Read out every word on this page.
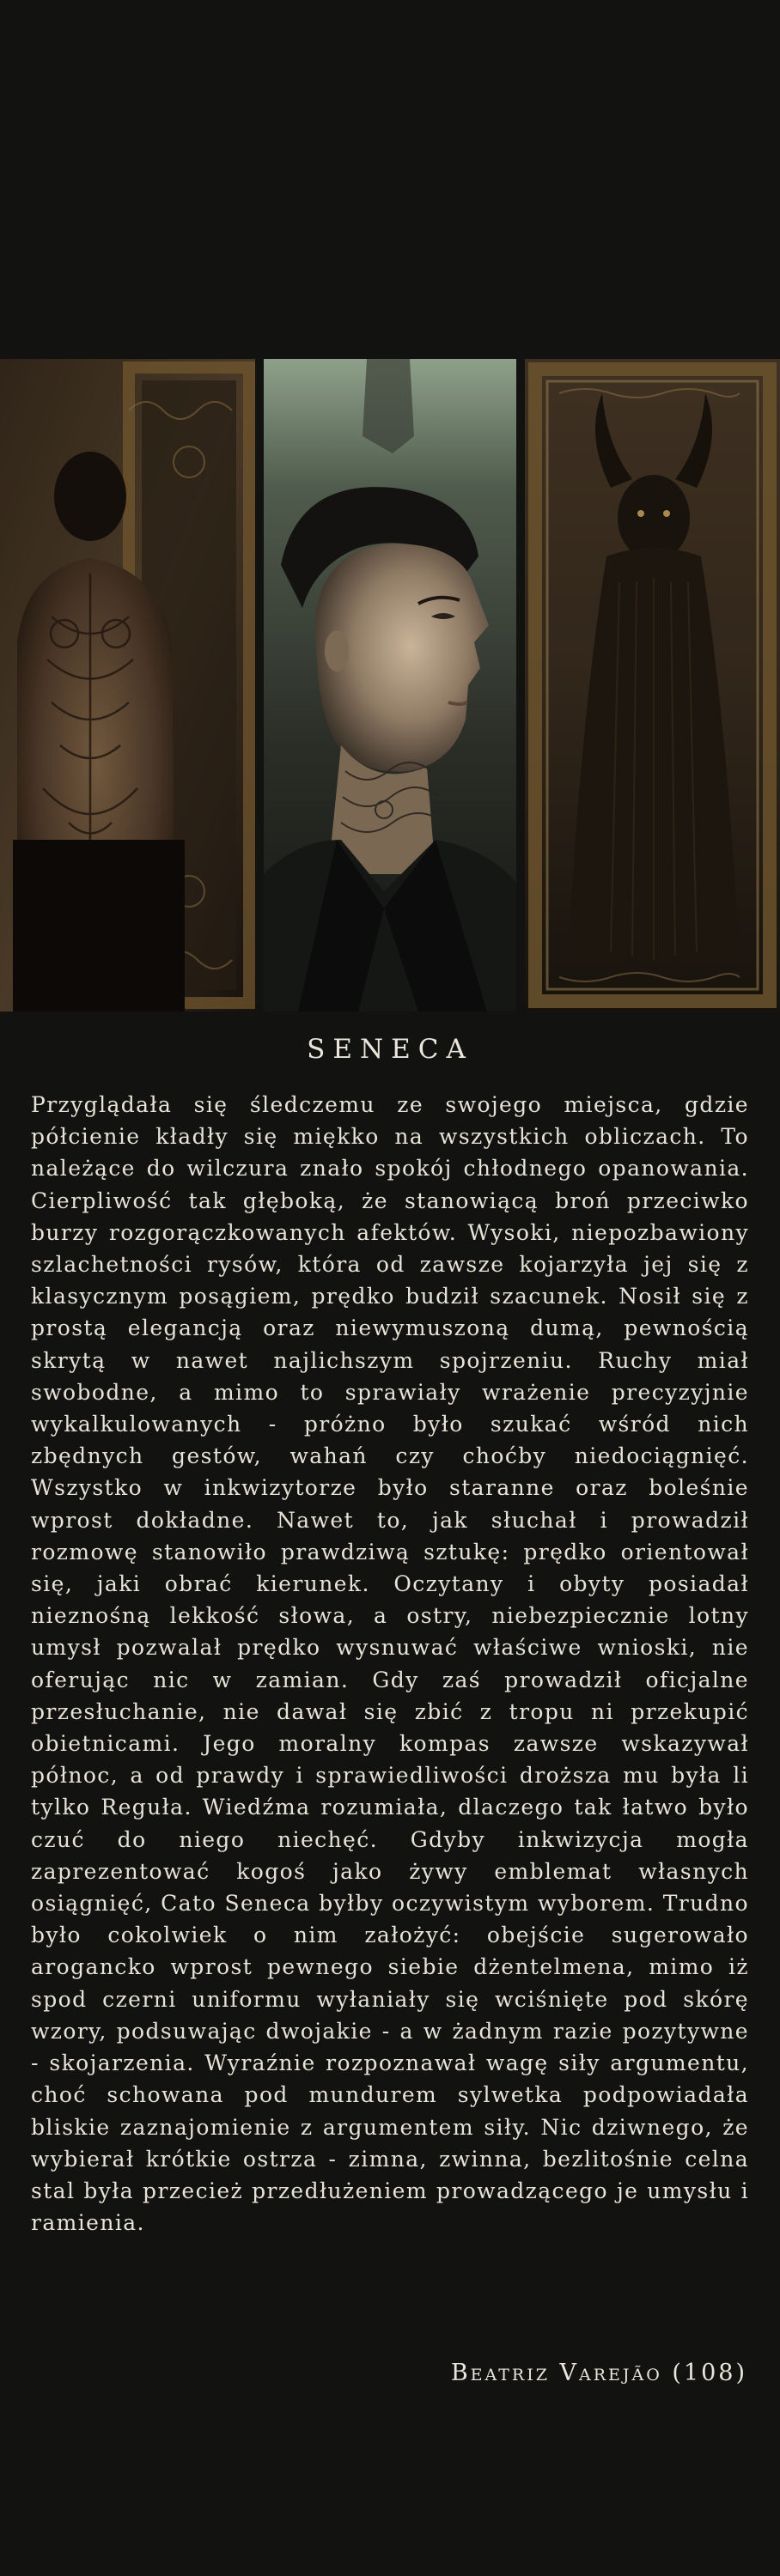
SENECA

Przyglądała się śledczemu ze swojego miejsca, gdzie półcienie kładły się miękko na wszystkich obliczach. To należące do wilczura znało spokój chłodnego opanowania. Cierpliwość tak głęboką, że stanowiącą broń przeciwko burzy rozgorączkowanych afektów. Wysoki, niepozbawiony szlachetności rysów, która od zawsze kojarzyła jej się z klasycznym posągiem, prędko budził szacunek. Nosił się z prostą elegancją oraz niewymuszoną dumą, pewnością skrytą w nawet najlichszym spojrzeniu. Ruchy miał swobodne, a mimo to sprawiały wrażenie precyzyjnie wykalkulowanych - próżno było szukać wśród nich zbędnych gestów, wahań czy choćby niedociągnięć. Wszystko w inkwizytorze było staranne oraz boleśnie wprost dokładne. Nawet to, jak słuchał i prowadził rozmowę stanowiło prawdziwą sztukę: prędko orientował się, jaki obrać kierunek. Oczytany i obyty posiadał nieznośną lekkość słowa, a ostry, niebezpiecznie lotny umysł pozwalał prędko wysnuwać właściwe wnioski, nie oferując nic w zamian. Gdy zaś prowadził oficjalne przesłuchanie, nie dawał się zbić z tropu ni przekupić obietnicami. Jego moralny kompas zawsze wskazywał północ, a od prawdy i sprawiedliwości droższa mu była li tylko Reguła. Wiedźma rozumiała, dlaczego tak łatwo było czuć do niego niechęć. Gdyby inkwizycja mogła zaprezentować kogoś jako żywy emblemat własnych osiągnięć, Cato Seneca byłby oczywistym wyborem. Trudno było cokolwiek o nim założyć: obejście sugerowało arogancko wprost pewnego siebie dżentelmena, mimo iż spod czerni uniformu wyłaniały się wciśnięte pod skórę wzory, podsuwając dwojakie - a w żadnym razie pozytywne - skojarzenia. Wyraźnie rozpoznawał wagę siły argumentu, choć schowana pod mundurem sylwetka podpowiadała bliskie zaznajomienie z argumentem siły. Nic dziwnego, że wybierał krótkie ostrza - zimna, zwinna, bezlitośnie celna stal była przecież przedłużeniem prowadzącego je umysłu i ramienia.

Beatriz Varejão (108)
